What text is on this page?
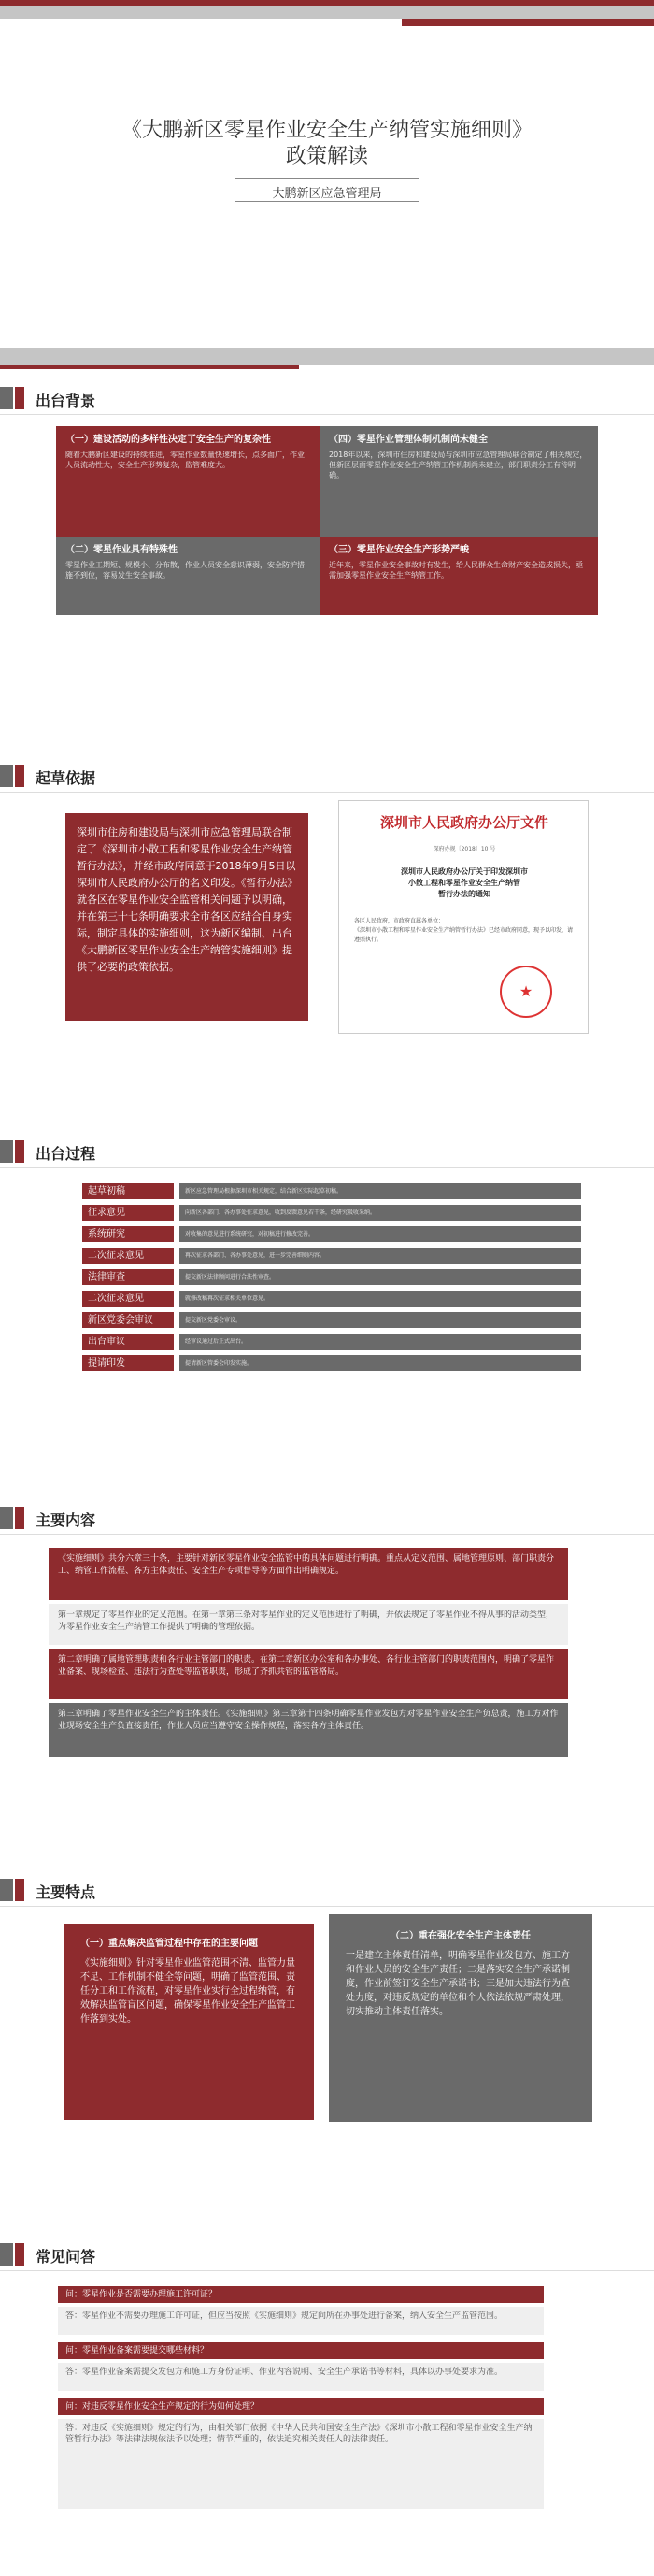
《大鹏新区零星作业安全生产纳管实施细则》
政策解读
大鹏新区应急管理局
出台背景
（一）建设活动的多样性决定了安全生产的复杂性
随着大鹏新区建设的持续推进，零星作业数量快速增长，点多面广，作业人员流动性大，安全生产形势复杂，监管难度大。
（四）零星作业管理体制机制尚未健全
2018年以来，深圳市住房和建设局与深圳市应急管理局联合制定了相关规定，但新区层面零星作业安全生产纳管工作机制尚未建立，部门职责分工有待明确。
（二）零星作业具有特殊性
零星作业工期短、规模小、分布散，作业人员安全意识薄弱，安全防护措施不到位，容易发生安全事故。
（三）零星作业安全生产形势严峻
近年来，零星作业安全事故时有发生，给人民群众生命财产安全造成损失，亟需加强零星作业安全生产纳管工作。
起草依据
深圳市住房和建设局与深圳市应急管理局联合制定了《深圳市小散工程和零星作业安全生产纳管暂行办法》，并经市政府同意于2018年9月5日以深圳市人民政府办公厅的名义印发。《暂行办法》就各区在零星作业安全监管相关问题予以明确，并在第三十七条明确要求全市各区应结合自身实际，制定具体的实施细则，这为新区编制、出台《大鹏新区零星作业安全生产纳管实施细则》提供了必要的政策依据。
深圳市人民政府办公厅文件
深府办规〔2018〕10 号
深圳市人民政府办公厅关于印发深圳市
小散工程和零星作业安全生产纳管
暂行办法的通知
各区人民政府，市政府直属各单位：
《深圳市小散工程和零星作业安全生产纳管暂行办法》已经市政府同意，现予以印发，请遵照执行。
★
出台过程
起草初稿	新区应急管理局根据深圳市相关规定，结合新区实际起草初稿。
征求意见	向新区各部门、各办事处征求意见，收到反馈意见若干条，经研究吸收采纳。
系统研究	对收集的意见进行系统研究，对初稿进行修改完善。
二次征求意见	再次征求各部门、各办事处意见，进一步完善细则内容。
法律审查	提交新区法律顾问进行合法性审查。
二次征求意见	就修改稿再次征求相关单位意见。
新区党委会审议	提交新区党委会审议。
出台审议	经审议通过后正式出台。
提请印发	提请新区管委会印发实施。
主要内容
《实施细则》共分六章三十条，主要针对新区零星作业安全监管中的具体问题进行明确。重点从定义范围、属地管理原则、部门职责分工、纳管工作流程、各方主体责任、安全生产专项督导等方面作出明确规定。
第一章规定了零星作业的定义范围。在第一章第三条对零星作业的定义范围进行了明确，并依法规定了零星作业不得从事的活动类型，为零星作业安全生产纳管工作提供了明确的管理依据。
第二章明确了属地管理职责和各行业主管部门的职责。在第二章新区办公室和各办事处、各行业主管部门的职责范围内，明确了零星作业备案、现场检查、违法行为查处等监管职责，形成了齐抓共管的监管格局。
第三章明确了零星作业安全生产的主体责任。《实施细则》第三章第十四条明确零星作业发包方对零星作业安全生产负总责，施工方对作业现场安全生产负直接责任，作业人员应当遵守安全操作规程，落实各方主体责任。
主要特点
（一）重点解决监管过程中存在的主要问题
《实施细则》针对零星作业监管范围不清、监管力量不足、工作机制不健全等问题，明确了监管范围、责任分工和工作流程，对零星作业实行全过程纳管，有效解决监管盲区问题，确保零星作业安全生产监管工作落到实处。
（二）重在强化安全生产主体责任
一是建立主体责任清单，明确零星作业发包方、施工方和作业人员的安全生产责任；二是落实安全生产承诺制度，作业前签订安全生产承诺书；三是加大违法行为查处力度，对违反规定的单位和个人依法依规严肃处理，切实推动主体责任落实。
常见问答
问：零星作业是否需要办理施工许可证？
答：零星作业不需要办理施工许可证，但应当按照《实施细则》规定向所在办事处进行备案，纳入安全生产监管范围。
问：零星作业备案需要提交哪些材料？
答：零星作业备案需提交发包方和施工方身份证明、作业内容说明、安全生产承诺书等材料，具体以办事处要求为准。
问：对违反零星作业安全生产规定的行为如何处理？
答：对违反《实施细则》规定的行为，由相关部门依据《中华人民共和国安全生产法》《深圳市小散工程和零星作业安全生产纳管暂行办法》等法律法规依法予以处理；情节严重的，依法追究相关责任人的法律责任。
